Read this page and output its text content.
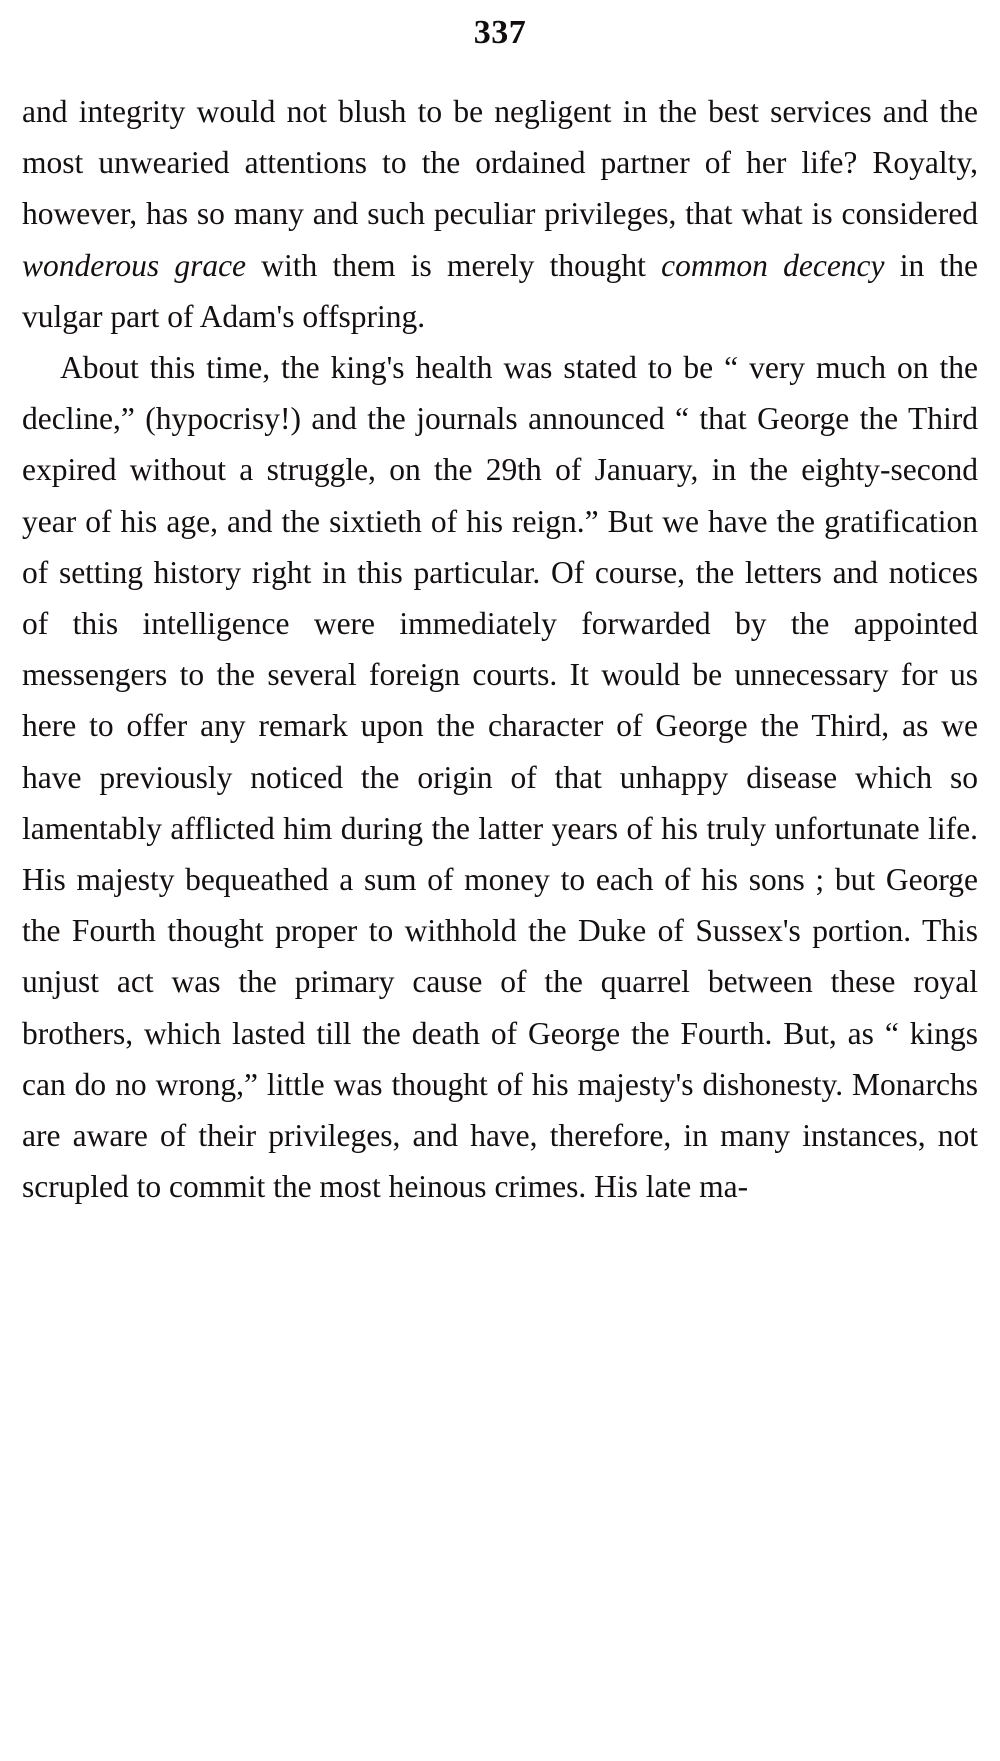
337

and integrity would not blush to be negligent in the best services and the most unwearied attentions to the ordained partner of her life? Royalty, however, has so many and such peculiar privileges, that what is considered wonderous grace with them is merely thought common decency in the vulgar part of Adam's offspring.

About this time, the king's health was stated to be “ very much on the decline,” (hypocrisy!) and the journals announced “ that George the Third expired without a struggle, on the 29th of January, in the eighty-second year of his age, and the sixtieth of his reign.” But we have the gratification of setting history right in this particular. Of course, the letters and notices of this intelligence were immediately forwarded by the appointed messengers to the several foreign courts. It would be unnecessary for us here to offer any remark upon the character of George the Third, as we have previously noticed the origin of that unhappy disease which so lamentably afflicted him during the latter years of his truly unfortunate life. His majesty bequeathed a sum of money to each of his sons ; but George the Fourth thought proper to withhold the Duke of Sussex's portion. This unjust act was the primary cause of the quarrel between these royal brothers, which lasted till the death of George the Fourth. But, as “ kings can do no wrong,” little was thought of his majesty's dishonesty. Monarchs are aware of their privileges, and have, therefore, in many instances, not scrupled to commit the most heinous crimes. His late ma-
